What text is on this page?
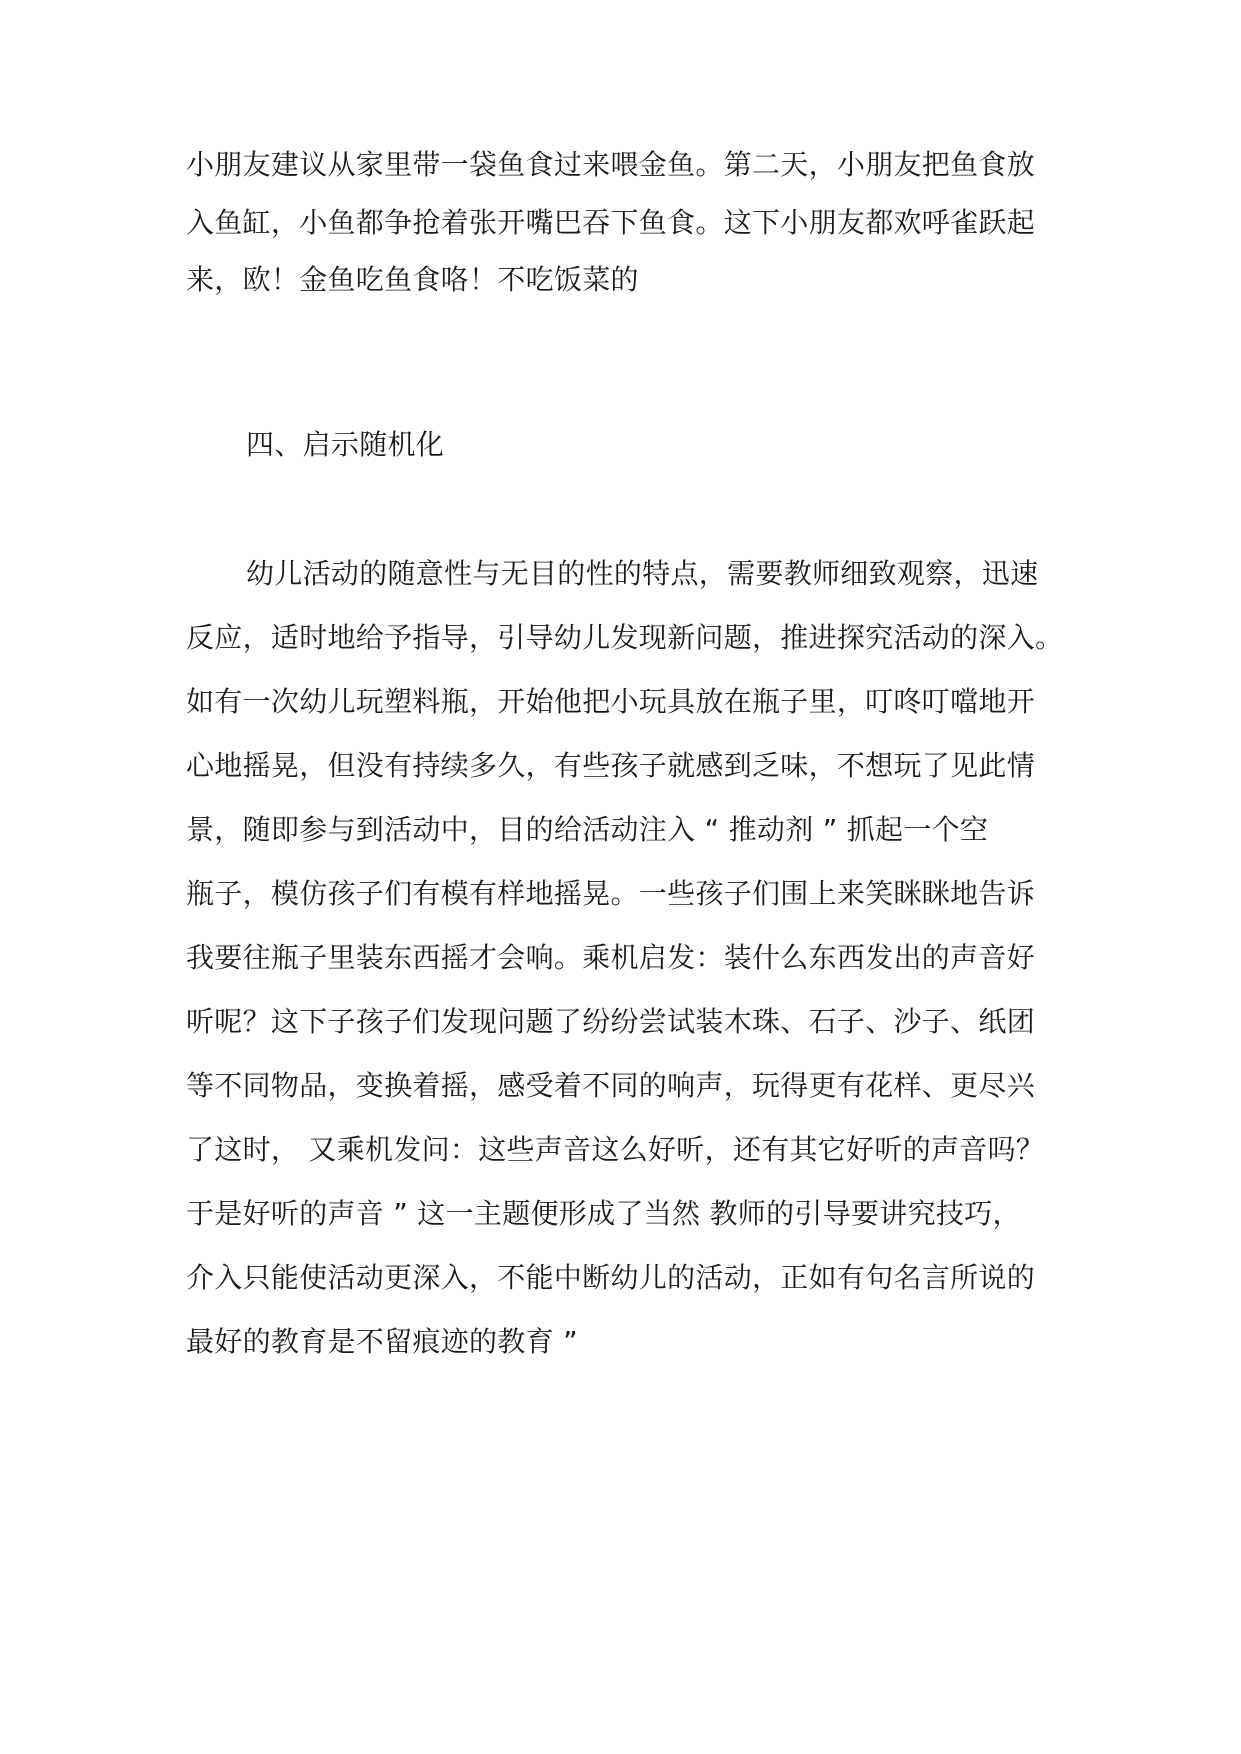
小朋友建议从家里带一袋鱼食过来喂金鱼。第二天，小朋友把鱼食放
入鱼缸，小鱼都争抢着张开嘴巴吞下鱼食。这下小朋友都欢呼雀跃起
来，欧！金鱼吃鱼食咯！不吃饭菜的
四、启示随机化
幼儿活动的随意性与无目的性的特点，需要教师细致观察，迅速
反应，适时地给予指导，引导幼儿发现新问题，推进探究活动的深入。
如有一次幼儿玩塑料瓶，开始他把小玩具放在瓶子里，叮咚叮噹地开
心地摇晃，但没有持续多久，有些孩子就感到乏味，不想玩了见此情
景，随即参与到活动中，目的给活动注入 “ 推动剂 ” 抓起一个空
瓶子，模仿孩子们有模有样地摇晃。一些孩子们围上来笑眯眯地告诉
我要往瓶子里装东西摇才会响。乘机启发：装什么东西发出的声音好
听呢？这下子孩子们发现问题了纷纷尝试装木珠、石子、沙子、纸团
等不同物品，变换着摇，感受着不同的响声，玩得更有花样、更尽兴
了这时， 又乘机发问：这些声音这么好听，还有其它好听的声音吗？
于是好听的声音 ” 这一主题便形成了当然 教师的引导要讲究技巧，
介入只能使活动更深入，不能中断幼儿的活动，正如有句名言所说的
最好的教育是不留痕迹的教育 ”
